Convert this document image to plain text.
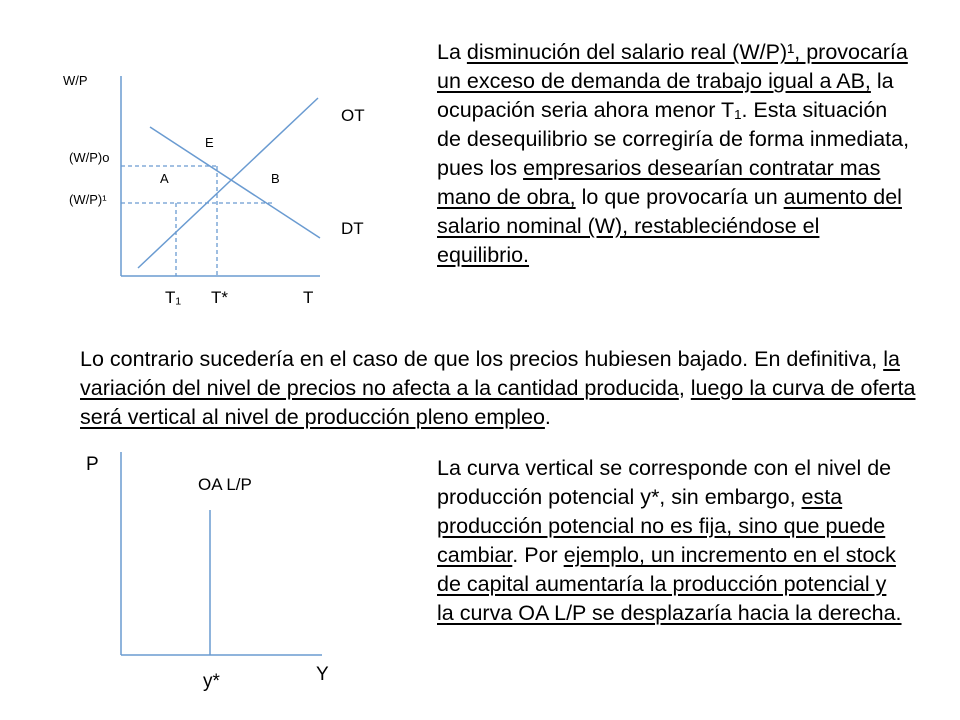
W/P
OT
DT
E
A	B
(W/P)o
(W/P)¹
T₁ T*	T

La disminución del salario real (W/P)¹, provocaría un exceso de demanda de trabajo igual a AB, la ocupación seria ahora menor T₁. Esta situación de desequilibrio se corregiría de forma inmediata, pues los empresarios desearían contratar mas mano de obra, lo que provocaría un aumento del salario nominal (W), restableciéndose el equilibrio.

Lo contrario sucedería en el caso de que los precios hubiesen bajado. En definitiva, la variación del nivel de precios no afecta a la cantidad producida, luego la curva de oferta será vertical al nivel de producción pleno empleo.

P
OA L/P
Y
y*

La curva vertical se corresponde con el nivel de producción potencial y*, sin embargo, esta producción potencial no es fija, sino que puede cambiar. Por ejemplo, un incremento en el stock de capital aumentaría la producción potencial y la curva OA L/P se desplazaría hacia la derecha.
